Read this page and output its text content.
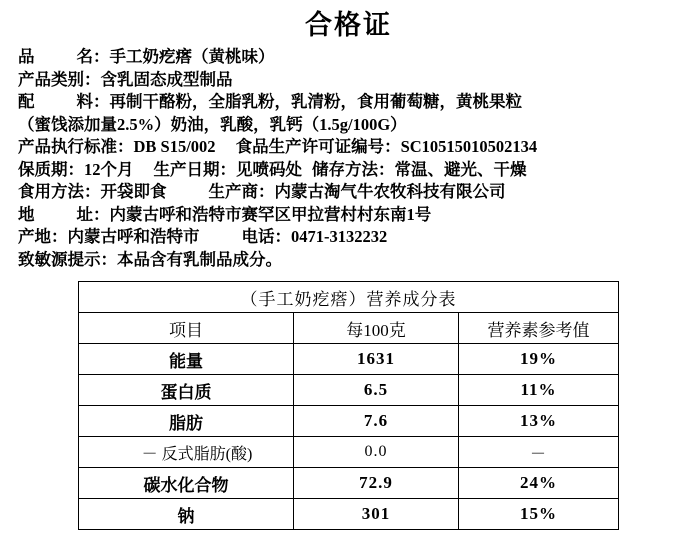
合格证
品	名：手工奶疙瘩（黄桃味）
产品类别：含乳固态成型制品
配	料：再制干酪粉，全脂乳粉，乳清粉，食用葡萄糖，黄桃果粒
（蜜饯添加量2.5%）奶油，乳酸，乳钙（1.5g/100G）
产品执行标准：DB S15/002 食品生产许可证编号：SC10515010502134
保质期：12个月 生产日期：见喷码处 储存方法：常温、避光、干燥
食用方法：开袋即食	生产商：内蒙古淘气牛农牧科技有限公司
地	址：内蒙古呼和浩特市赛罕区甲拉营村村东南1号
产地：内蒙古呼和浩特市	电话：0471-3132232
致敏源提示：本品含有乳制品成分。
（手工奶疙瘩）营养成分表		
项目	每100克	营养素参考值
能量	1631	19%
蛋白质	6.5	11%
脂肪	7.6	13%
－ 反式脂肪(酸)	0.0	－
碳水化合物	72.9	24%
钠	301	15%
